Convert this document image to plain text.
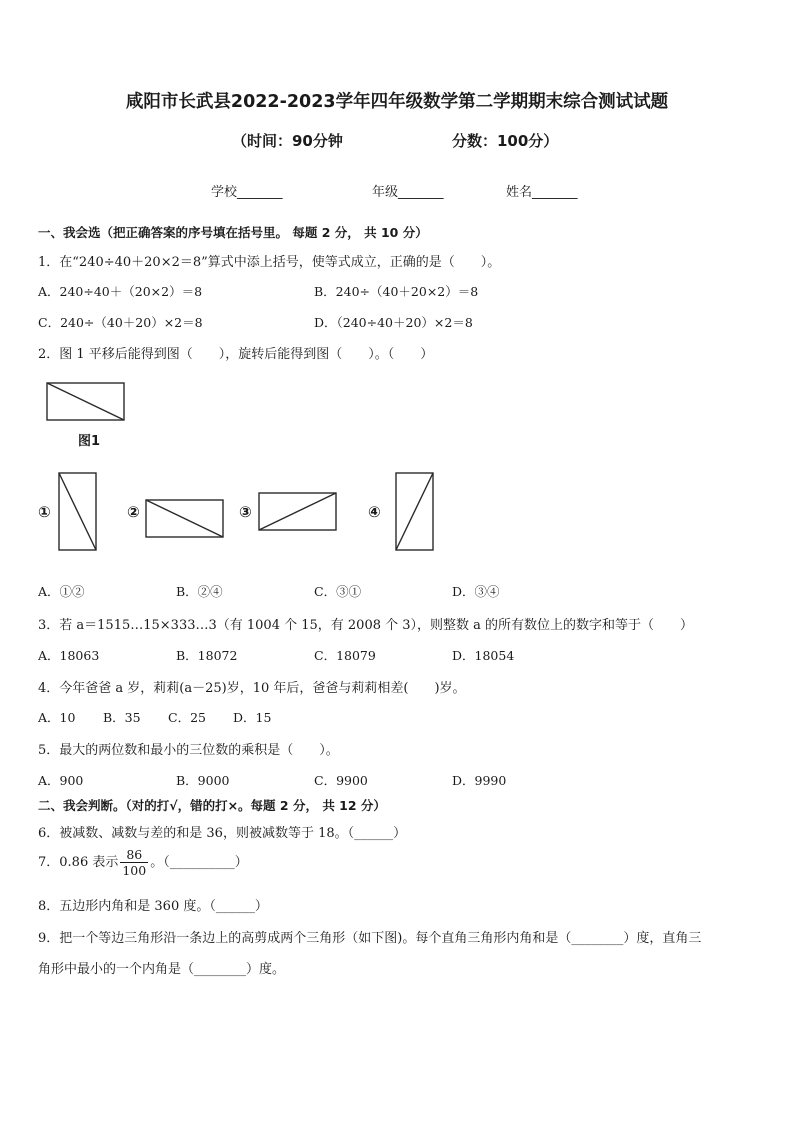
咸阳市长武县2022-2023学年四年级数学第二学期期末综合测试试题
（时间：90分钟	分数：100分）
学校_______	年级_______	姓名_______
一、我会选（把正确答案的序号填在括号里。 每题 2 分， 共 10 分）
1．在“240÷40＋20×2＝8”算式中添上括号，使等式成立，正确的是（　　）。
A．240÷40＋（20×2）＝8	B．240÷（40＋20×2）＝8
C．240÷（40＋20）×2＝8	D．（240÷40＋20）×2＝8
2．图 1 平移后能得到图（　　），旋转后能得到图（　　）。（　　）
图1
①	②	③	④
A．①②	B．②④	C．③①	D．③④
3．若 a＝1515…15×333…3（有 1004 个 15，有 2008 个 3），则整数 a 的所有数位上的数字和等于（　　）
A．18063	B．18072	C．18079	D．18054
4．今年爸爸 a 岁，莉莉(a－25)岁，10 年后，爸爸与莉莉相差(　　)岁。
A．10 B．35 C．25 D．15
5．最大的两位数和最小的三位数的乘积是（　　）。
A．900	B．9000	C．9900	D．9990
二、我会判断。（对的打√，错的打×。每题 2 分， 共 12 分）
6．被减数、减数与差的和是 36，则被减数等于 18。（______）
7．0.86 表示 $\frac{86}{100}$ 。（__________）
8．五边形内角和是 360 度。（______）
9．把一个等边三角形沿一条边上的高剪成两个三角形（如下图)。每个直角三角形内角和是（________）度，直角三
角形中最小的一个内角是（________）度。
